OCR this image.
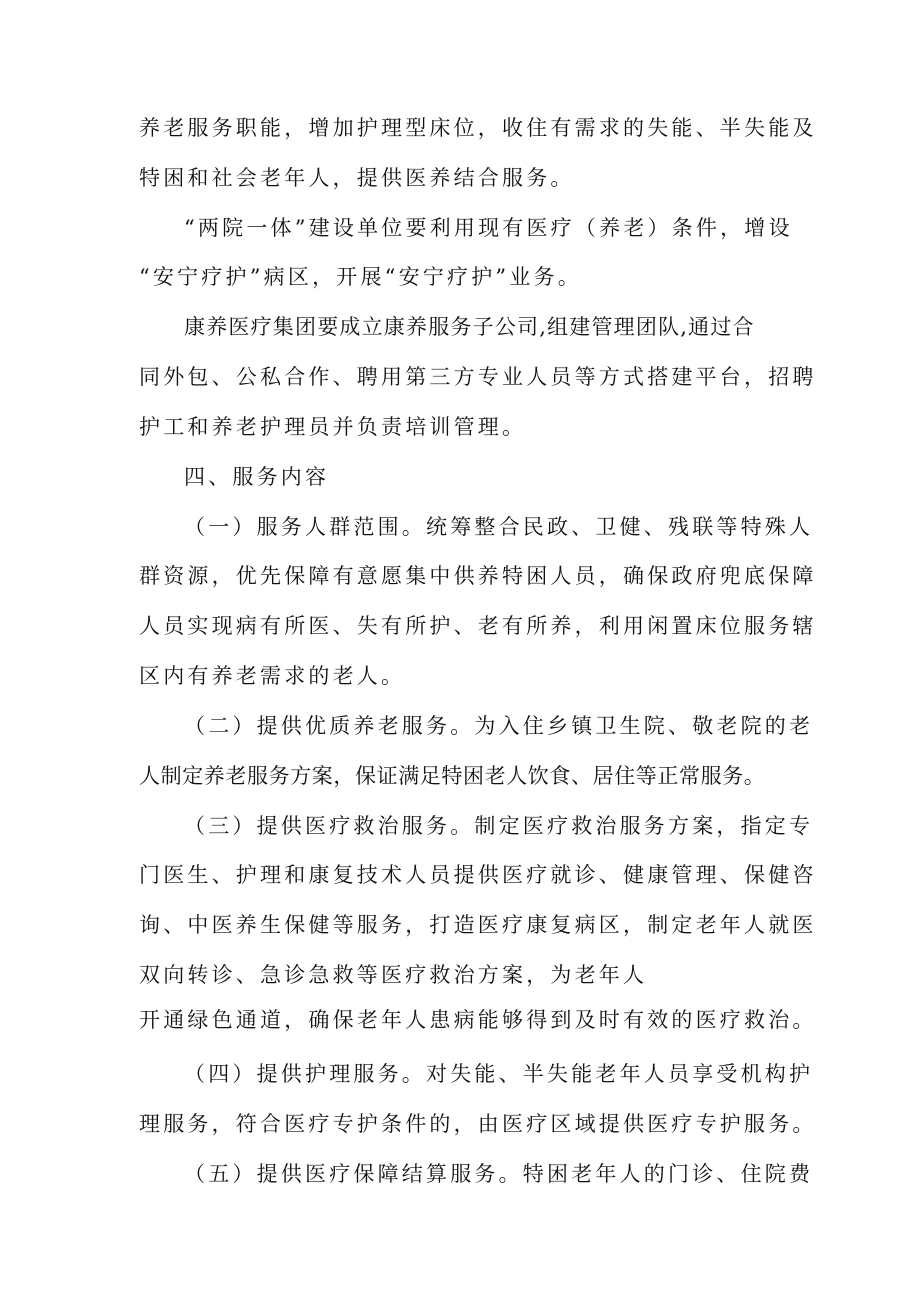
养老服务职能，增加护理型床位，收住有需求的失能、半失能及
特困和社会老年人，提供医养结合服务。
“两院一体”建设单位要利用现有医疗（养老）条件，增设
“安宁疗护”病区，开展“安宁疗护”业务。
康养医疗集团要成立康养服务子公司,组建管理团队,通过合
同外包、公私合作、聘用第三方专业人员等方式搭建平台，招聘
护工和养老护理员并负责培训管理。
四、服务内容
（一）服务人群范围。统筹整合民政、卫健、残联等特殊人
群资源，优先保障有意愿集中供养特困人员，确保政府兜底保障
人员实现病有所医、失有所护、老有所养，利用闲置床位服务辖
区内有养老需求的老人。
（二）提供优质养老服务。为入住乡镇卫生院、敬老院的老
人制定养老服务方案，保证满足特困老人饮食、居住等正常服务。
（三）提供医疗救治服务。制定医疗救治服务方案，指定专
门医生、护理和康复技术人员提供医疗就诊、健康管理、保健咨
询、中医养生保健等服务，打造医疗康复病区，制定老年人就医
双向转诊、急诊急救等医疗救治方案，为老年人
开通绿色通道，确保老年人患病能够得到及时有效的医疗救治。
（四）提供护理服务。对失能、半失能老年人员享受机构护
理服务，符合医疗专护条件的，由医疗区域提供医疗专护服务。
（五）提供医疗保障结算服务。特困老年人的门诊、住院费
